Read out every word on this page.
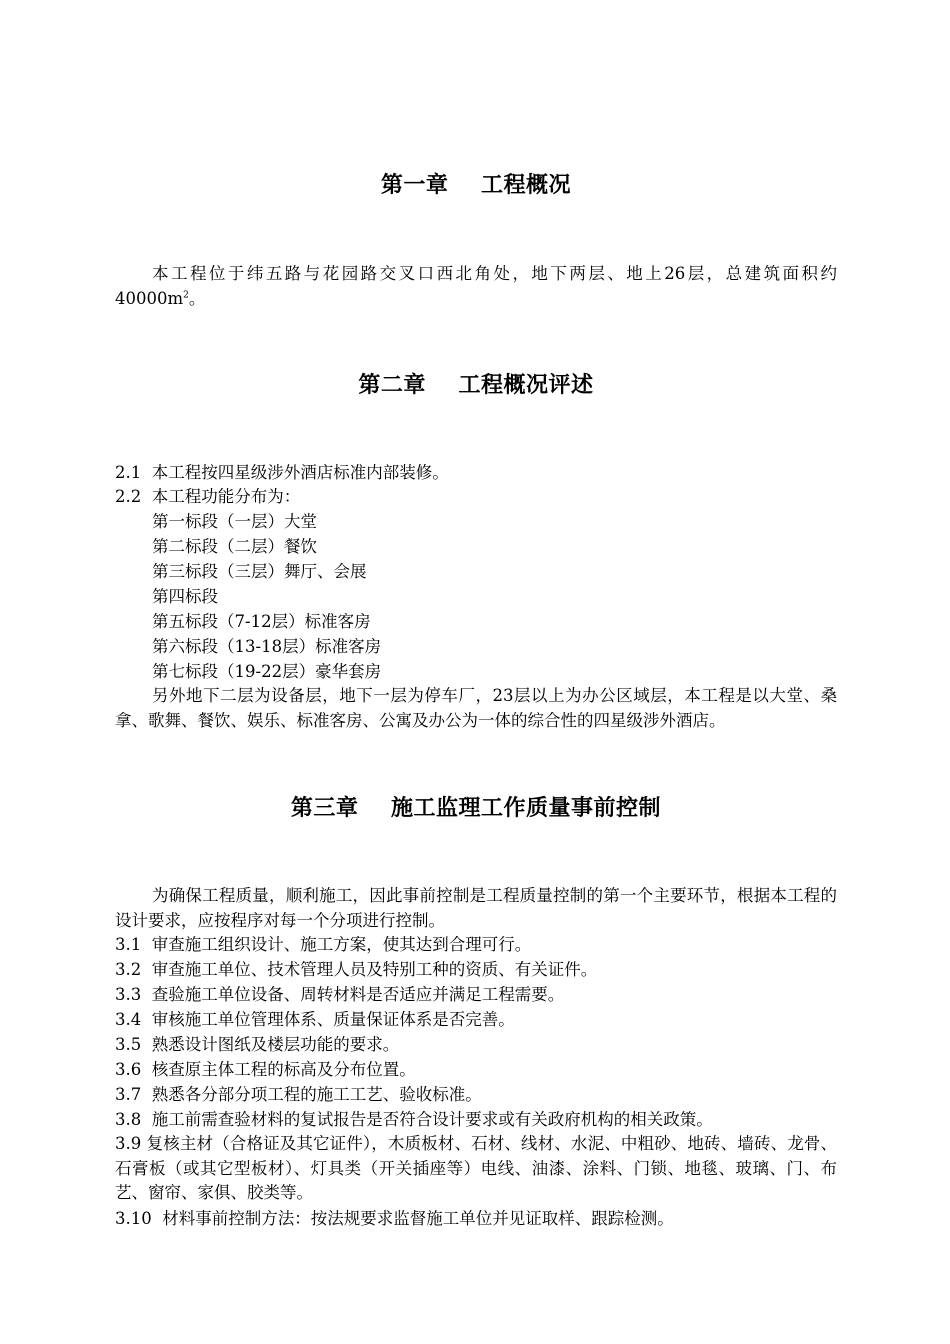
第一章    工程概况
本工程位于纬五路与花园路交叉口西北角处，地下两层、地上26层，总建筑面积约$40000m^2$。
第二章    工程概况评述
2.1  本工程按四星级涉外酒店标准内部装修。
2.2  本工程功能分布为：
第一标段（一层）大堂
第二标段（二层）餐饮
第三标段（三层）舞厅、会展
第四标段
第五标段（7-12层）标准客房
第六标段（13-18层）标准客房
第七标段（19-22层）豪华套房
另外地下二层为设备层，地下一层为停车厂，23层以上为办公区域层，本工程是以大堂、桑拿、歌舞、餐饮、娱乐、标准客房、公寓及办公为一体的综合性的四星级涉外酒店。
第三章    施工监理工作质量事前控制
为确保工程质量，顺利施工，因此事前控制是工程质量控制的第一个主要环节，根据本工程的设计要求，应按程序对每一个分项进行控制。
3.1  审查施工组织设计、施工方案，使其达到合理可行。
3.2  审查施工单位、技术管理人员及特别工种的资质、有关证件。
3.3  查验施工单位设备、周转材料是否适应并满足工程需要。
3.4  审核施工单位管理体系、质量保证体系是否完善。
3.5  熟悉设计图纸及楼层功能的要求。
3.6  核查原主体工程的标高及分布位置。
3.7  熟悉各分部分项工程的施工工艺、验收标准。
3.8  施工前需查验材料的复试报告是否符合设计要求或有关政府机构的相关政策。
3.9 复核主材（合格证及其它证件），木质板材、石材、线材、水泥、中粗砂、地砖、墙砖、龙骨、石膏板（或其它型板材）、灯具类（开关插座等）电线、油漆、涂料、门锁、地毯、玻璃、门、布艺、窗帘、家俱、胶类等。
3.10  材料事前控制方法：按法规要求监督施工单位并见证取样、跟踪检测。
